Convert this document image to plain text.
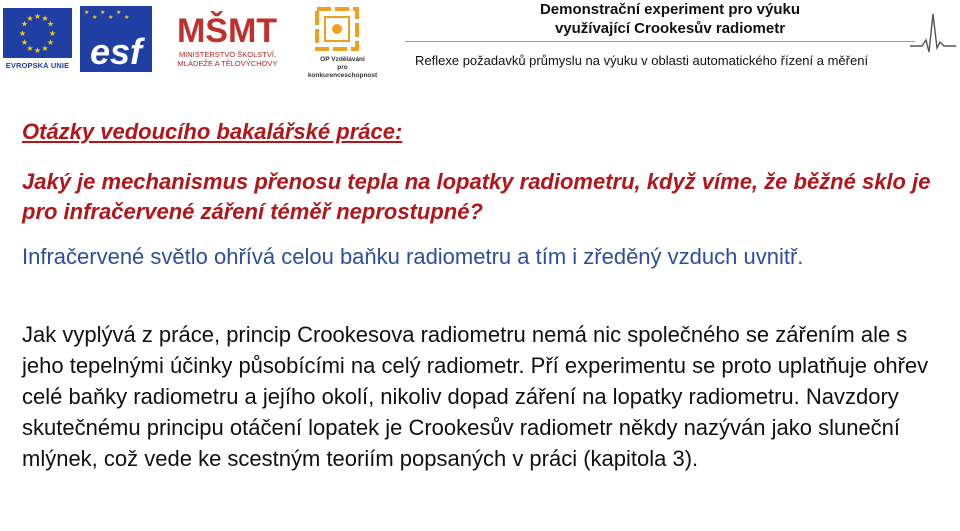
★ ★
★
★
★
★
★
★
★
★
★
★
EVROPSKÁ UNIE
★
★
★
★
★
★
esf MŠMT
MINISTERSTVO ŠKOLSTVÍ,
MLÁDEŽE A TĚLOVÝCHOVY	OP Vzdělávání
pro konkurenceschopnost
Demonstrační experiment pro výuku
využívající Crookesův radiometr
Reflexe požadavků průmyslu na výuku v oblasti automatického řízení a měření

Otázky vedoucího bakalářské práce:

Jaký je mechanismus přenosu tepla na lopatky radiometru, když víme, že běžné sklo je pro infračervené záření téměř neprostupné?

Infračervené světlo ohřívá celou baňku radiometru a tím i zředěný vzduch uvnitř.

Jak vyplývá z práce, princip Crookesova radiometru nemá nic společného se zářením ale s jeho tepelnými účinky působícími na celý radiometr. Pří experimentu se proto uplatňuje ohřev celé baňky radiometru a jejího okolí, nikoliv dopad záření na lopatky radiometru. Navzdory skutečnému principu otáčení lopatek je Crookesův radiometr někdy nazýván jako sluneční mlýnek, což vede ke scestným teoriím popsaných v práci (kapitola 3).
